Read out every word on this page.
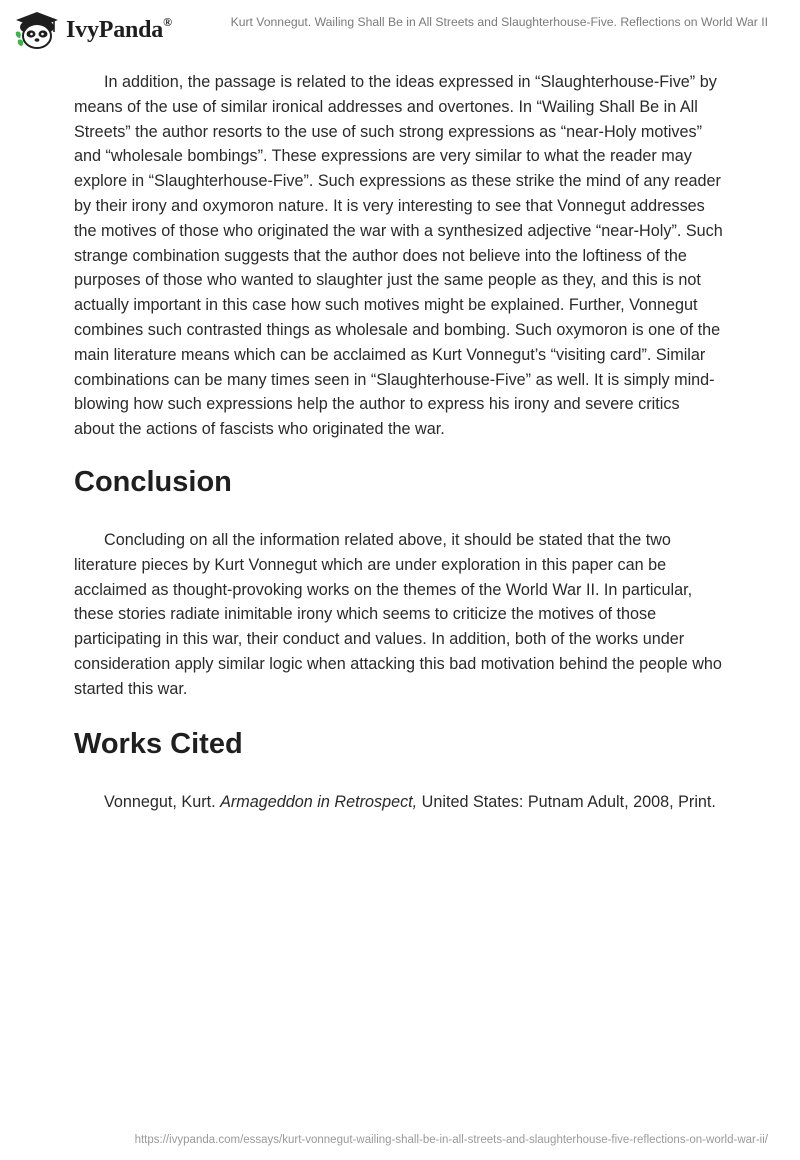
IvyPanda®	Kurt Vonnegut. Wailing Shall Be in All Streets and Slaughterhouse-Five. Reflections on World War II

In addition, the passage is related to the ideas expressed in “Slaughterhouse-Five” by means of the use of similar ironical addresses and overtones. In “Wailing Shall Be in All Streets” the author resorts to the use of such strong expressions as “near-Holy motives” and “wholesale bombings”. These expressions are very similar to what the reader may explore in “Slaughterhouse-Five”. Such expressions as these strike the mind of any reader by their irony and oxymoron nature. It is very interesting to see that Vonnegut addresses the motives of those who originated the war with a synthesized adjective “near-Holy”. Such strange combination suggests that the author does not believe into the loftiness of the purposes of those who wanted to slaughter just the same people as they, and this is not actually important in this case how such motives might be explained. Further, Vonnegut combines such contrasted things as wholesale and bombing. Such oxymoron is one of the main literature means which can be acclaimed as Kurt Vonnegut’s “visiting card”. Similar combinations can be many times seen in “Slaughterhouse-Five” as well. It is simply mind-blowing how such expressions help the author to express his irony and severe critics about the actions of fascists who originated the war.

Conclusion

Concluding on all the information related above, it should be stated that the two literature pieces by Kurt Vonnegut which are under exploration in this paper can be acclaimed as thought-provoking works on the themes of the World War II. In particular, these stories radiate inimitable irony which seems to criticize the motives of those participating in this war, their conduct and values. In addition, both of the works under consideration apply similar logic when attacking this bad motivation behind the people who started this war.

Works Cited

Vonnegut, Kurt. Armageddon in Retrospect, United States: Putnam Adult, 2008, Print.

https://ivypanda.com/essays/kurt-vonnegut-wailing-shall-be-in-all-streets-and-slaughterhouse-five-reflections-on-world-war-ii/
